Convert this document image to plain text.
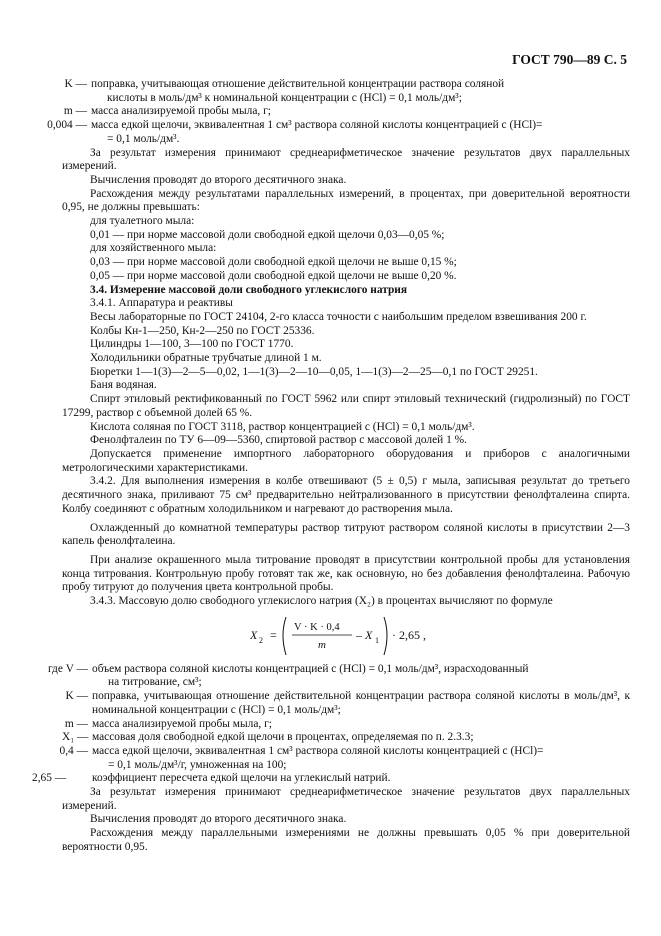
ГОСТ 790—89 С. 5
K — поправка, учитывающая отношение действительной концентрации раствора соляной
кислоты в моль/дм³ к номинальной концентрации с (HCl) = 0,1 моль/дм³;
m — масса анализируемой пробы мыла, г;
0,004 — масса едкой щелочи, эквивалентная 1 см³ раствора соляной кислоты концентрацией с (HCl)=
= 0,1 моль/дм³.

За результат измерения принимают среднеарифметическое значение результатов двух параллельных измерений.

Вычисления проводят до второго десятичного знака.

Расхождения между результатами параллельных измерений, в процентах, при доверительной вероятности 0,95, не должны превышать:

для туалетного мыла:

0,01 — при норме массовой доли свободной едкой щелочи 0,03—0,05 %;

для хозяйственного мыла:

0,03 — при норме массовой доли свободной едкой щелочи не выше 0,15 %;

0,05 — при норме массовой доли свободной едкой щелочи не выше 0,20 %.

3.4. Измерение массовой доли свободного углекислого натрия

3.4.1. Аппаратура и реактивы

Весы лабораторные по ГОСТ 24104, 2-го класса точности с наибольшим пределом взвешивания 200 г.

Колбы Кн-1—250, Кн-2—250 по ГОСТ 25336.

Цилиндры 1—100, 3—100 по ГОСТ 1770.

Холодильники обратные трубчатые длиной 1 м.

Бюретки 1—1(3)—2—5—0,02, 1—1(3)—2—10—0,05, 1—1(3)—2—25—0,1 по ГОСТ 29251.

Баня водяная.

Спирт этиловый ректификованный по ГОСТ 5962 или спирт этиловый технический (гидролизный) по ГОСТ 17299, раствор с объемной долей 65 %.

Кислота соляная по ГОСТ 3118, раствор концентрацией с (HCl) = 0,1 моль/дм³.

Фенолфталеин по ТУ 6—09—5360, спиртовой раствор с массовой долей 1 %.

Допускается применение импортного лабораторного оборудования и приборов с аналогичными метрологическими характеристиками.

3.4.2. Для выполнения измерения в колбе отвешивают (5 ± 0,5) г мыла, записывая результат до третьего десятичного знака, приливают 75 см³ предварительно нейтрализованного в присутствии фенолфталеина спирта. Колбу соединяют с обратным холодильником и нагревают до растворения мыла.

Охлажденный до комнатной температуры раствор титруют раствором соляной кислоты в присутствии 2—3 капель фенолфталеина.

При анализе окрашенного мыла титрование проводят в присутствии контрольной пробы для установления конца титрования. Контрольную пробу готовят так же, как основную, но без добавления фенолфталеина. Рабочую пробу титруют до получения цвета контрольной пробы.

3.4.3. Массовую долю свободного углекислого натрия (X₂) в процентах вычисляют по формуле

X 2 =
V · K · 0,4
m
– X 1 · 2,65 ,
где V — объем раствора соляной кислоты концентрацией с (HCl) = 0,1 моль/дм³, израсходованный
на титрование, см³;
K — поправка, учитывающая отношение действительной концентрации раствора соляной кислоты в моль/дм³, к номинальной концентрации с (HCl) = 0,1 моль/дм³;
m — масса анализируемой пробы мыла, г;
X₁ — массовая доля свободной едкой щелочи в процентах, определяемая по п. 2.3.3;
0,4 — масса едкой щелочи, эквивалентная 1 см³ раствора соляной кислоты концентрацией с (HCl)=
= 0,1 моль/дм³/г, умноженная на 100;
2,65 —	коэффициент пересчета едкой щелочи на углекислый натрий.

За результат измерения принимают среднеарифметическое значение результатов двух параллельных измерений.

Вычисления проводят до второго десятичного знака.

Расхождения между параллельными измерениями не должны превышать 0,05 % при доверительной вероятности 0,95.
